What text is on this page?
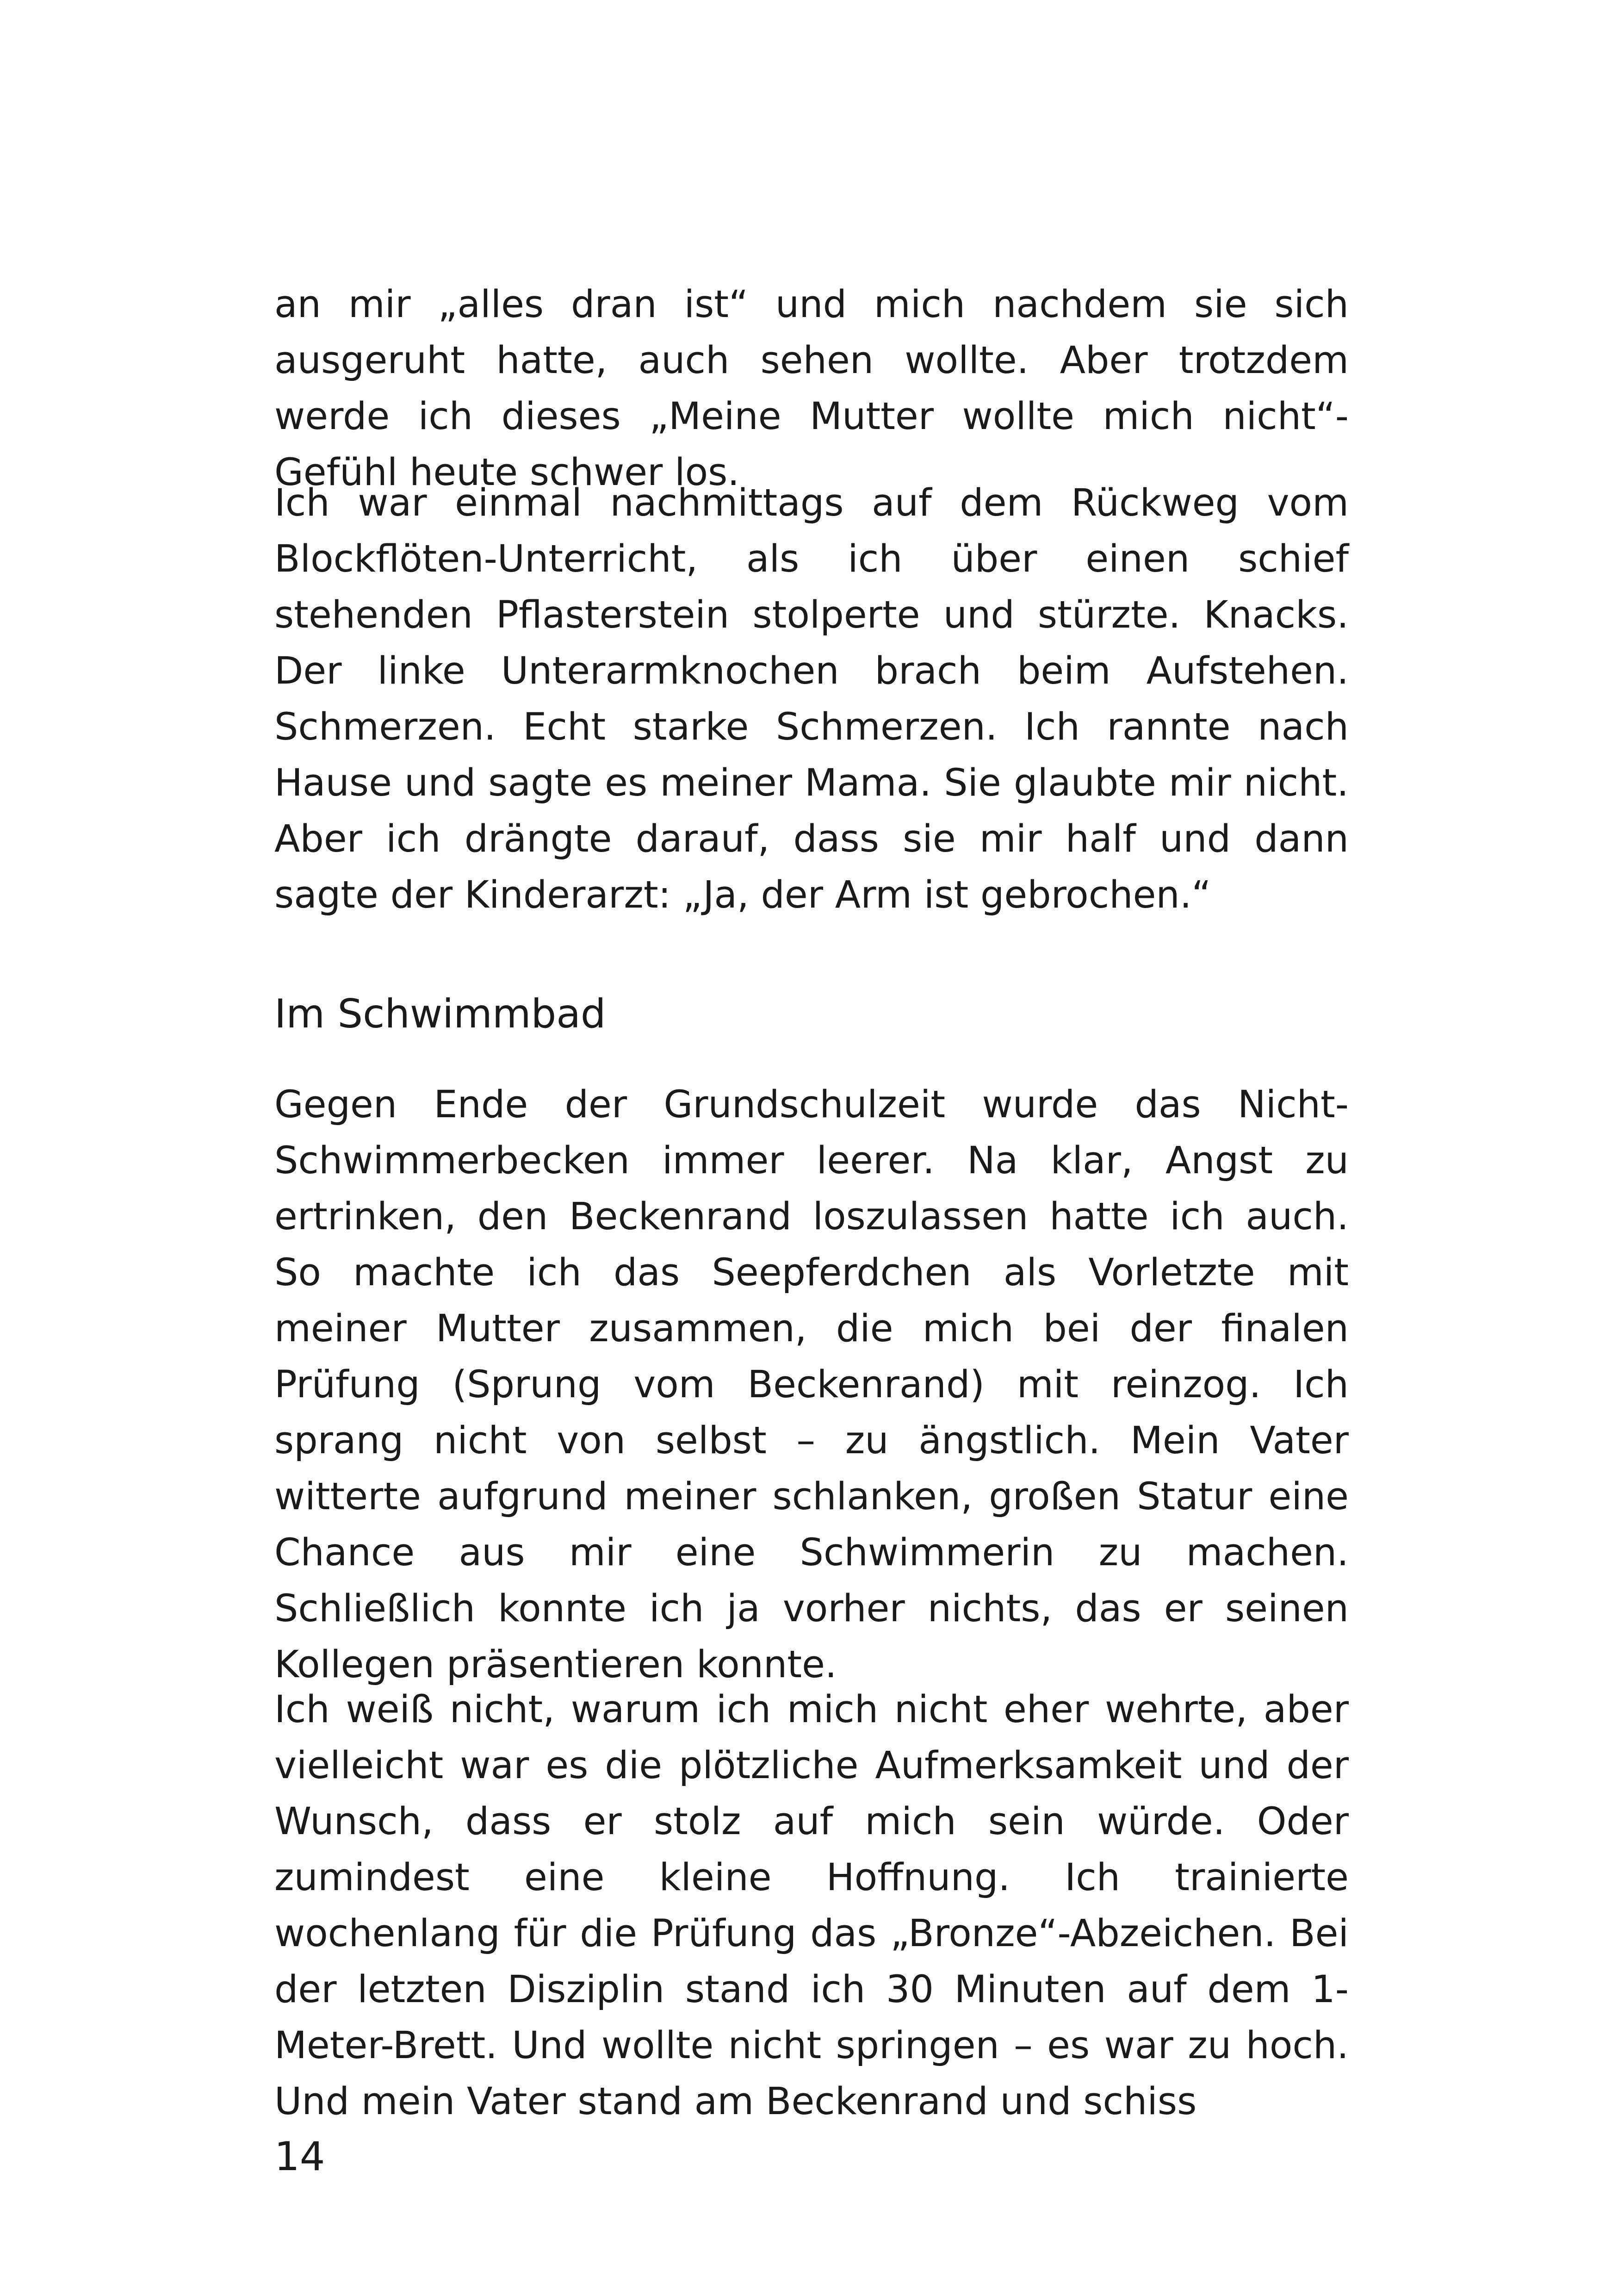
an mir „alles dran ist“ und mich nachdem sie sich ausgeruht hatte, auch sehen wollte. Aber trotzdem werde ich dieses „Meine Mutter wollte mich nicht“-Gefühl heute schwer los.

Ich war einmal nachmittags auf dem Rückweg vom Blockflöten-Unterricht, als ich über einen schief stehenden Pflasterstein stolperte und stürzte. Knacks. Der linke Unterarmknochen brach beim Aufstehen. Schmerzen. Echt starke Schmerzen. Ich rannte nach Hause und sagte es meiner Mama. Sie glaubte mir nicht. Aber ich drängte darauf, dass sie mir half und dann sagte der Kinderarzt: „Ja, der Arm ist gebrochen.“

Im Schwimmbad

Gegen Ende der Grundschulzeit wurde das Nicht-Schwimmerbecken immer leerer. Na klar, Angst zu ertrinken, den Beckenrand loszulassen hatte ich auch. So machte ich das Seepferdchen als Vorletzte mit meiner Mutter zusammen, die mich bei der finalen Prüfung (Sprung vom Beckenrand) mit reinzog. Ich sprang nicht von selbst – zu ängstlich. Mein Vater witterte aufgrund meiner schlanken, großen Statur eine Chance aus mir eine Schwimmerin zu machen. Schließlich konnte ich ja vorher nichts, das er seinen Kollegen präsentieren konnte.

Ich weiß nicht, warum ich mich nicht eher wehrte, aber vielleicht war es die plötzliche Aufmerksamkeit und der Wunsch, dass er stolz auf mich sein würde. Oder zumindest eine kleine Hoffnung. Ich trainierte wochenlang für die Prüfung das „Bronze“-Abzeichen. Bei der letzten Disziplin stand ich 30 Minuten auf dem 1-Meter-Brett. Und wollte nicht springen – es war zu hoch. Und mein Vater stand am Beckenrand und schiss

14
